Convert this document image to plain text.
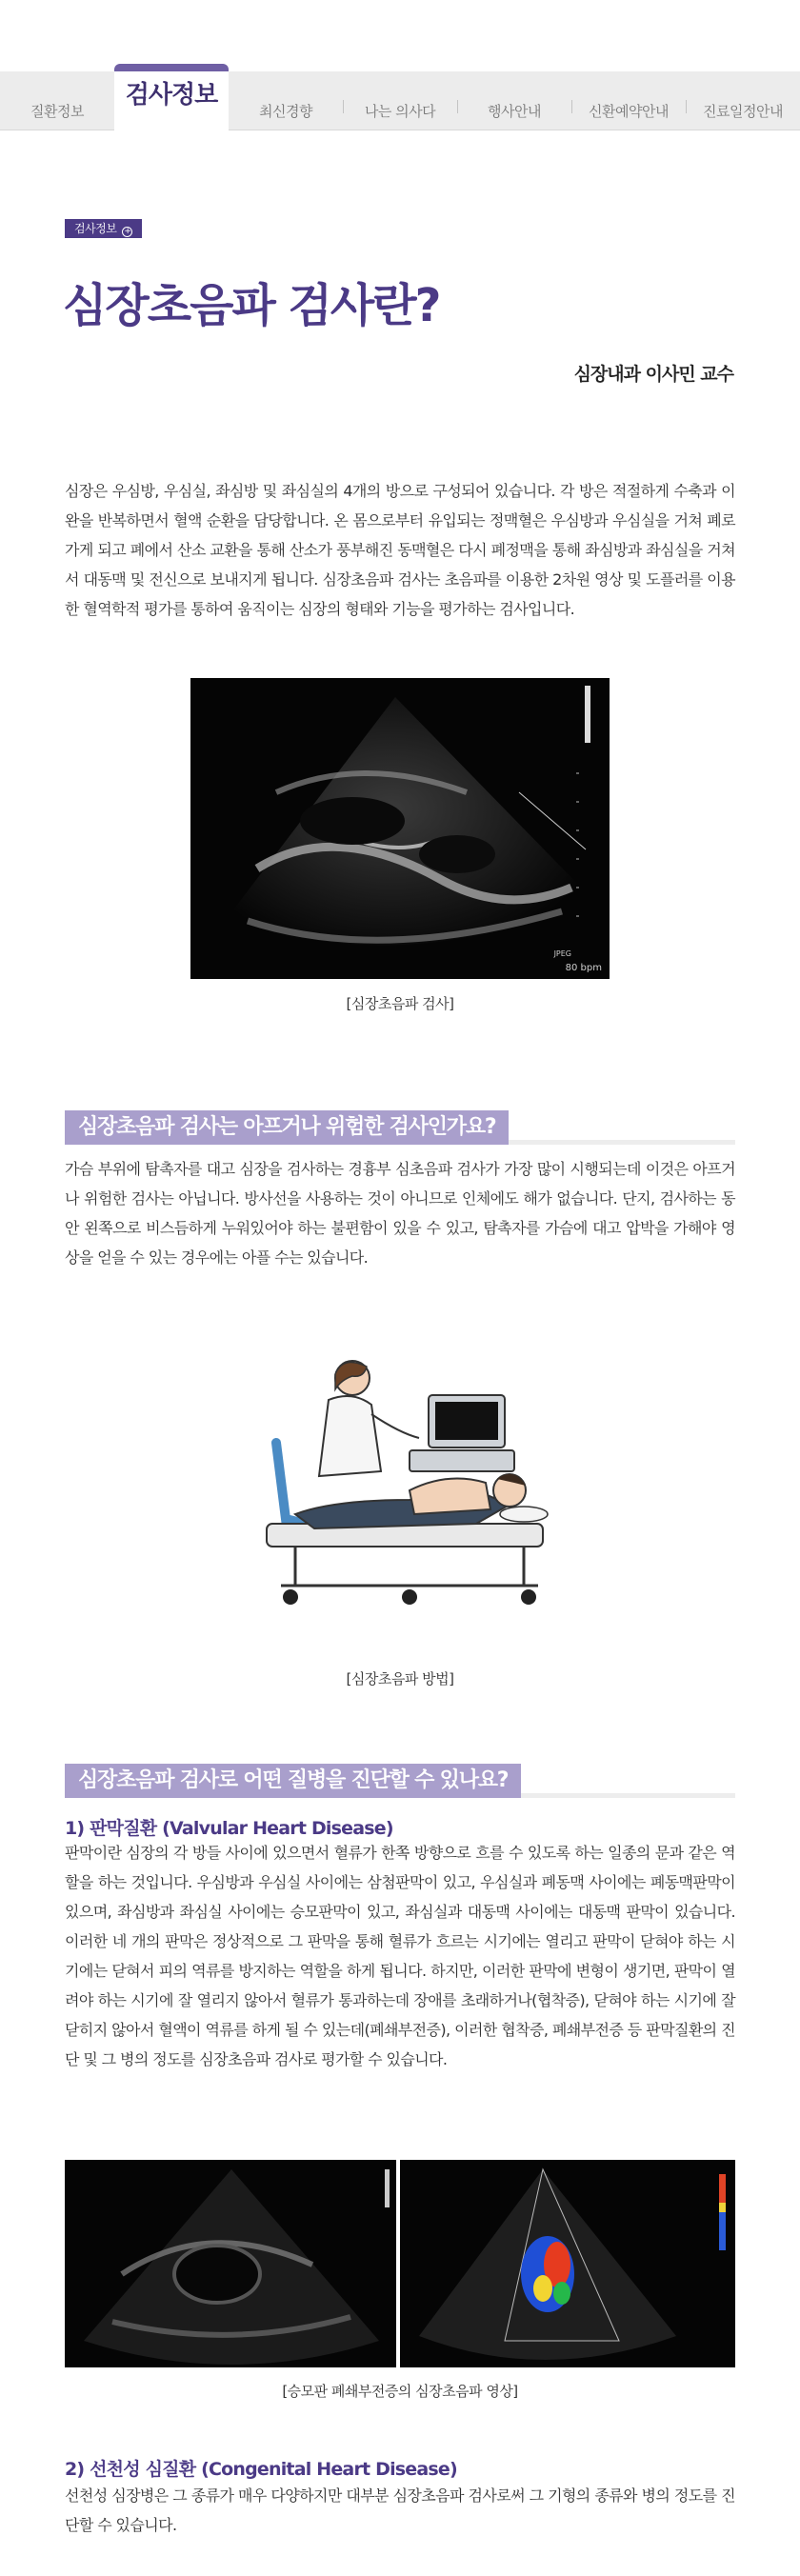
질환정보
검사정보
최신경향	나는 의사다	행사안내	신환예약안내	진료일정안내
검사정보 +
심장초음파 검사란?
심장내과 이사민 교수

심장은 우심방, 우심실, 좌심방 및 좌심실의 4개의 방으로 구성되어 있습니다. 각 방은 적절하게 수축과 이완을 반복하면서 혈액 순환을 담당합니다. 온 몸으로부터 유입되는 정맥혈은 우심방과 우심실을 거쳐 폐로 가게 되고 폐에서 산소 교환을 통해 산소가 풍부해진 동맥혈은 다시 폐정맥을 통해 좌심방과 좌심실을 거쳐서 대동맥 및 전신으로 보내지게 됩니다. 심장초음파 검사는 초음파를 이용한 2차원 영상 및 도플러를 이용한 혈역학적 평가를 통하여 움직이는 심장의 형태와 기능을 평가하는 검사입니다.

80 bpm
JPEG
[심장초음파 검사]
심장초음파 검사는 아프거나 위험한 검사인가요?

가슴 부위에 탐촉자를 대고 심장을 검사하는 경흉부 심초음파 검사가 가장 많이 시행되는데 이것은 아프거나 위험한 검사는 아닙니다. 방사선을 사용하는 것이 아니므로 인체에도 해가 없습니다. 단지, 검사하는 동안 왼쪽으로 비스듬하게 누워있어야 하는 불편함이 있을 수 있고, 탐촉자를 가슴에 대고 압박을 가해야 영상을 얻을 수 있는 경우에는 아플 수는 있습니다.

[심장초음파 방법]
심장초음파 검사로 어떤 질병을 진단할 수 있나요?
1) 판막질환 (Valvular Heart Disease)

판막이란 심장의 각 방들 사이에 있으면서 혈류가 한쪽 방향으로 흐를 수 있도록 하는 일종의 문과 같은 역할을 하는 것입니다. 우심방과 우심실 사이에는 삼첨판막이 있고, 우심실과 폐동맥 사이에는 폐동맥판막이 있으며, 좌심방과 좌심실 사이에는 승모판막이 있고, 좌심실과 대동맥 사이에는 대동맥 판막이 있습니다. 이러한 네 개의 판막은 정상적으로 그 판막을 통해 혈류가 흐르는 시기에는 열리고 판막이 닫혀야 하는 시기에는 닫혀서 피의 역류를 방지하는 역할을 하게 됩니다. 하지만, 이러한 판막에 변형이 생기면, 판막이 열려야 하는 시기에 잘 열리지 않아서 혈류가 통과하는데 장애를 초래하거나(협착증), 닫혀야 하는 시기에 잘 닫히지 않아서 혈액이 역류를 하게 될 수 있는데(폐쇄부전증), 이러한 협착증, 폐쇄부전증 등 판막질환의 진단 및 그 병의 정도를 심장초음파 검사로 평가할 수 있습니다.

[승모판 폐쇄부전증의 심장초음파 영상]
2) 선천성 심질환 (Congenital Heart Disease)

선천성 심장병은 그 종류가 매우 다양하지만 대부분 심장초음파 검사로써 그 기형의 종류와 병의 정도를 진단할 수 있습니다.
